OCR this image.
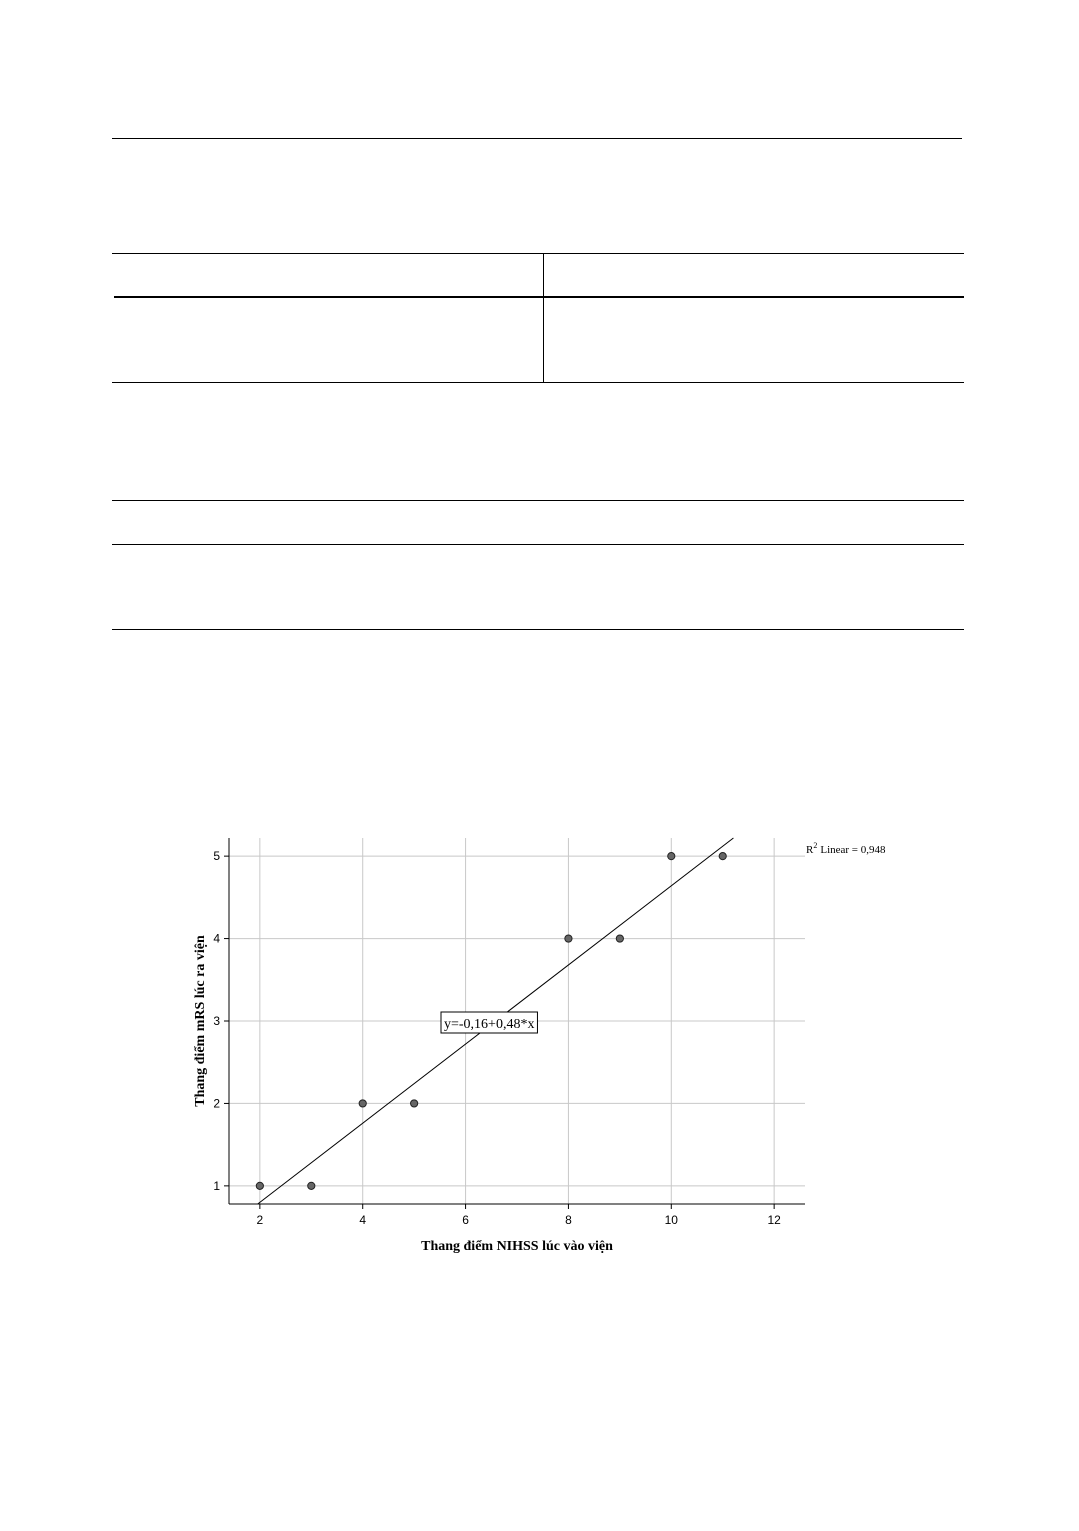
2	4	6	8	10	12
1
2
3
4
5
Thang điểm NIHSS lúc vào viện
Thang điểm mRS lúc ra viện	y=-0,16+0,48*x
$R^2$ Linear = 0,948
